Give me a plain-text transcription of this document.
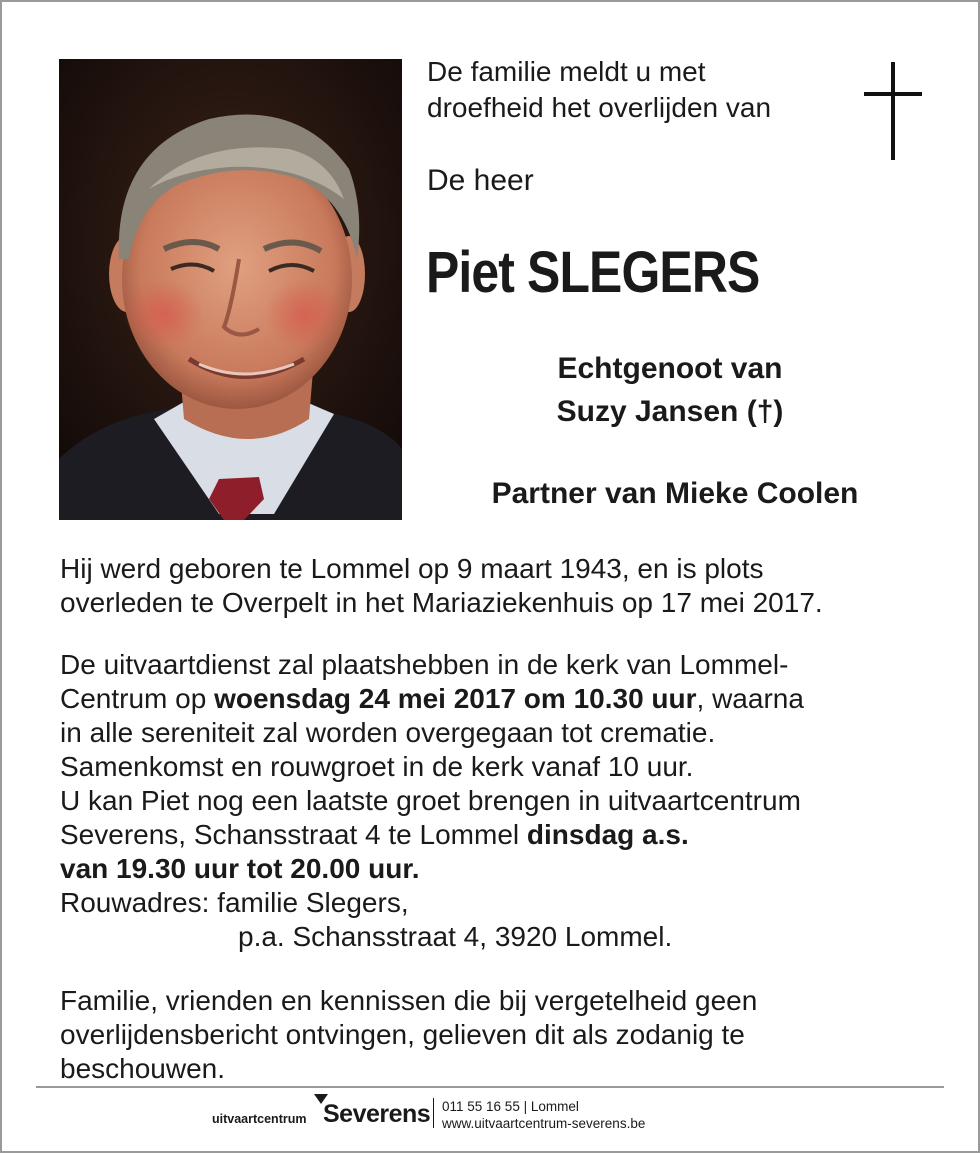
De familie meldt u met
droefheid het overlijden van

De heer

Piet SLEGERS

Echtgenoot van

Suzy Jansen (†)

Partner van Mieke Coolen

Hij werd geboren te Lommel op 9 maart 1943, en is plots
overleden te Overpelt in het Mariaziekenhuis op 17 mei 2017.

De uitvaartdienst zal plaatshebben in de kerk van Lommel-
Centrum op woensdag 24 mei 2017 om 10.30 uur, waarna
in alle sereniteit zal worden overgegaan tot crematie.
Samenkomst en rouwgroet in de kerk vanaf 10 uur.
U kan Piet nog een laatste groet brengen in uitvaartcentrum
Severens, Schansstraat 4 te Lommel dinsdag a.s.
van 19.30 uur tot 20.00 uur.
Rouwadres: familie Slegers,
p.a. Schansstraat 4, 3920 Lommel.

Familie, vrienden en kennissen die bij vergetelheid geen
overlijdensbericht ontvingen, gelieven dit als zodanig te
beschouwen.

uitvaartcentrum Severens 011 55 16 55 | Lommel
www.uitvaartcentrum-severens.be
